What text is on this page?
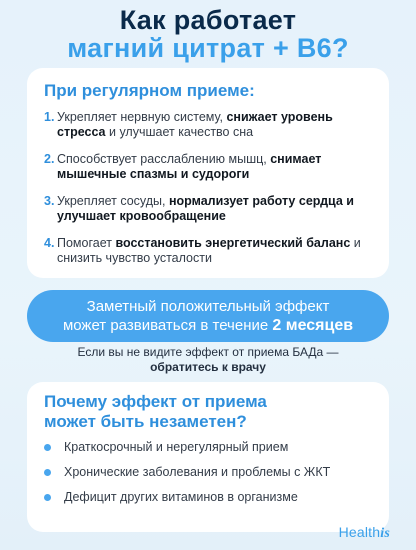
Как работает
магний цитрат + В6?
При регулярном приеме:
1. Укрепляет нервную систему, снижает уровень стресса и улучшает качество сна
2. Способствует расслаблению мышц, снимает мышечные спазмы и судороги
3. Укрепляет сосуды, нормализует работу сердца и улучшает кровообращение
4. Помогает восстановить энергетический баланс и снизить чувство усталости
Заметный положительный эффект
может развиваться в течение 2 месяцев
Если вы не видите эффект от приема БАДа —
обратитесь к врачу
Почему эффект от приема
может быть незаметен?
Краткосрочный и нерегулярный прием
Хронические заболевания и проблемы с ЖКТ
Дефицит других витаминов в организме
Healthis
